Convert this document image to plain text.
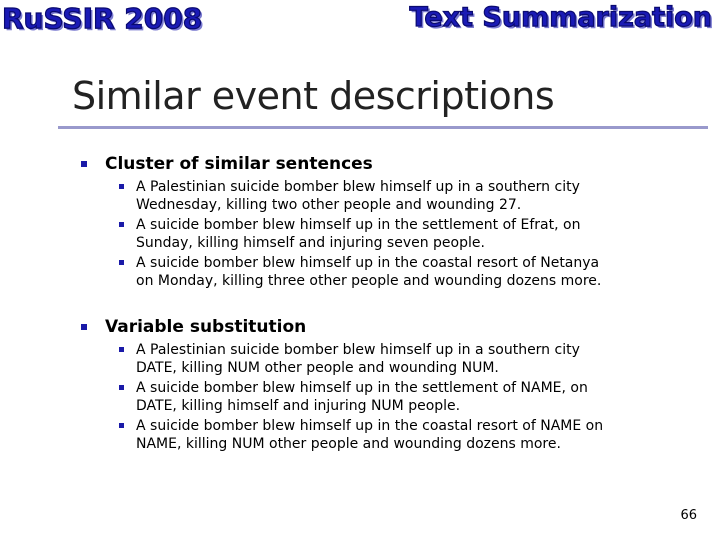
RuSSIR 2008	Text Summarization
Similar event descriptions
Cluster of similar sentences
A Palestinian suicide bomber blew himself up in a southern city
Wednesday, killing two other people and wounding 27.
A suicide bomber blew himself up in the settlement of Efrat, on
Sunday, killing himself and injuring seven people.
A suicide bomber blew himself up in the coastal resort of Netanya
on Monday, killing three other people and wounding dozens more.
Variable substitution
A Palestinian suicide bomber blew himself up in a southern city
DATE, killing NUM other people and wounding NUM.
A suicide bomber blew himself up in the settlement of NAME, on
DATE, killing himself and injuring NUM people.
A suicide bomber blew himself up in the coastal resort of NAME on
NAME, killing NUM other people and wounding dozens more.
66
